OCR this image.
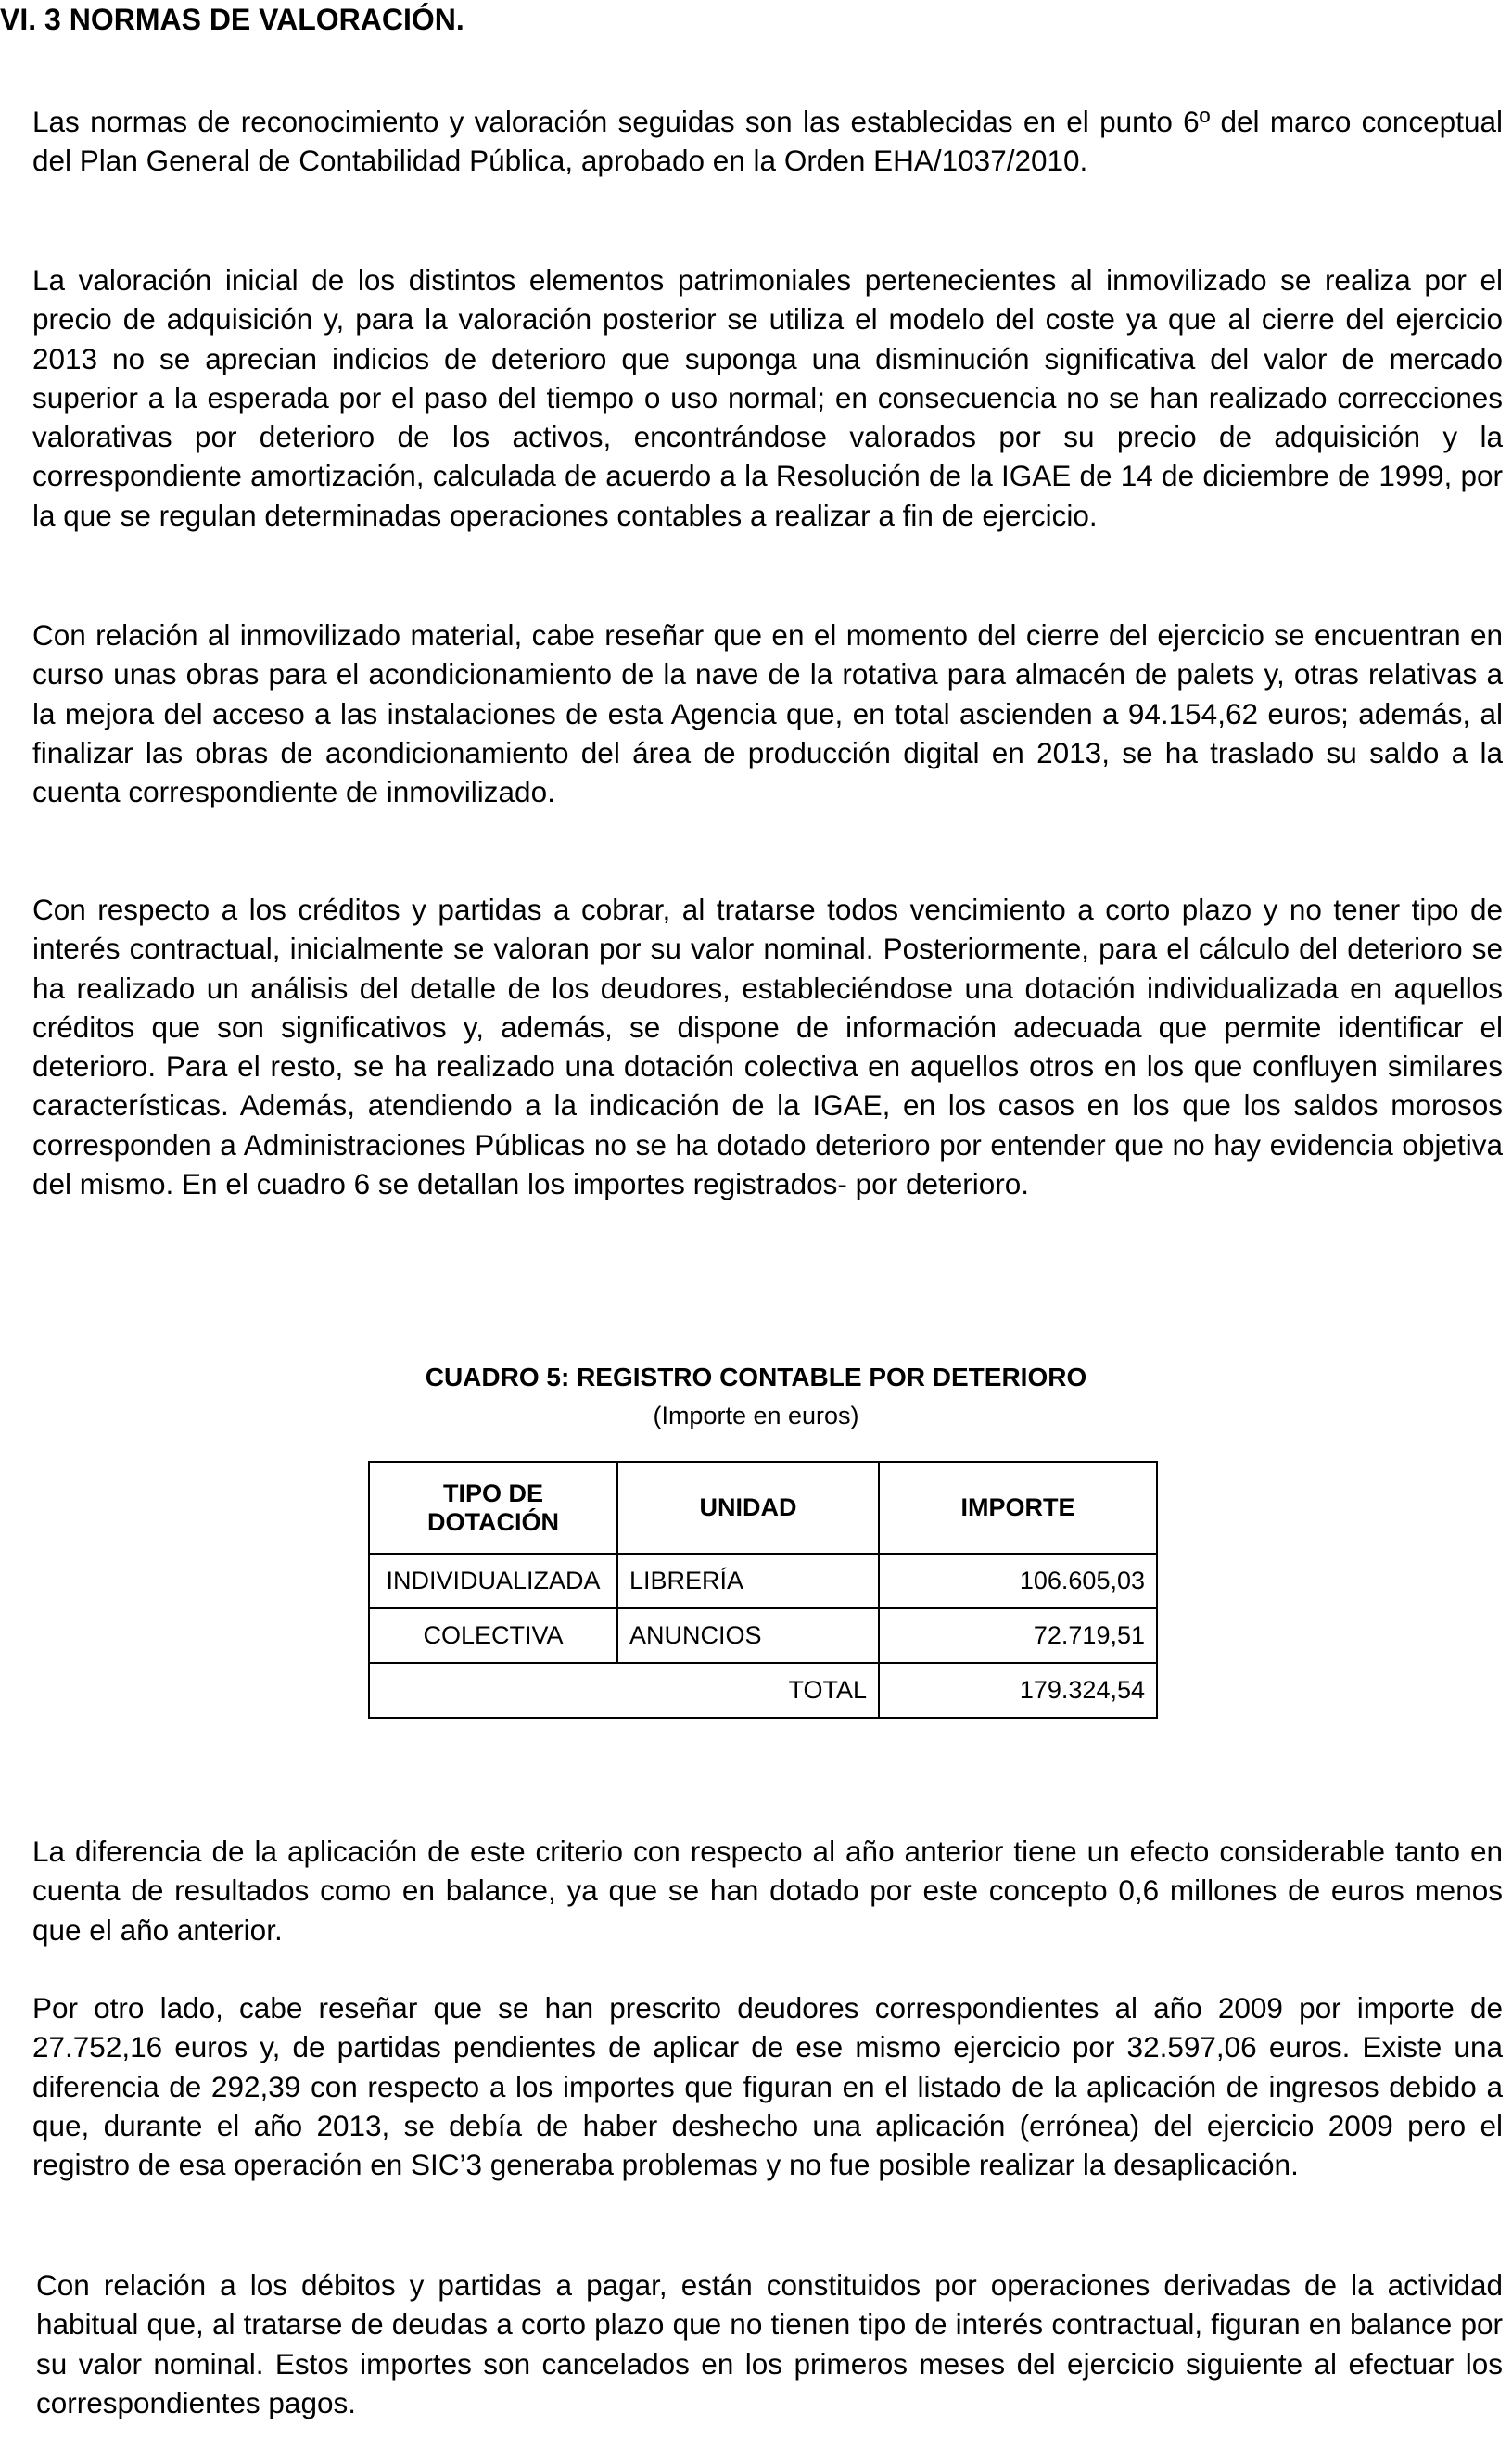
VI. 3 NORMAS DE VALORACIÓN.

Las normas de reconocimiento y valoración seguidas son las establecidas en el punto 6º del marco conceptual del Plan General de Contabilidad Pública, aprobado en la Orden EHA/1037/2010.

La valoración inicial de los distintos elementos patrimoniales pertenecientes al inmovilizado se realiza por el precio de adquisición y, para la valoración posterior se utiliza el modelo del coste ya que al cierre del ejercicio 2013 no se aprecian indicios de deterioro que suponga una disminución significativa del valor de mercado superior a la esperada por el paso del tiempo o uso normal; en consecuencia no se han realizado correcciones valorativas por deterioro de los activos, encontrándose valorados por su precio de adquisición y la correspondiente amortización, calculada de acuerdo a la Resolución de la IGAE de 14 de diciembre de 1999, por la que se regulan determinadas operaciones contables a realizar a fin de ejercicio.

Con relación al inmovilizado material, cabe reseñar que en el momento del cierre del ejercicio se encuentran en curso unas obras para el acondicionamiento de la nave de la rotativa para almacén de palets y, otras relativas a la mejora del acceso a las instalaciones de esta Agencia que, en total ascienden a 94.154,62 euros; además, al finalizar las obras de acondicionamiento del área de producción digital en 2013, se ha traslado su saldo a la cuenta correspondiente de inmovilizado.

Con respecto a los créditos y partidas a cobrar, al tratarse todos vencimiento a corto plazo y no tener tipo de interés contractual, inicialmente se valoran por su valor nominal. Posteriormente, para el cálculo del deterioro se ha realizado un análisis del detalle de los deudores, estableciéndose una dotación individualizada en aquellos créditos que son significativos y, además, se dispone de información adecuada que permite identificar el deterioro. Para el resto, se ha realizado una dotación colectiva en aquellos otros en los que confluyen similares características. Además, atendiendo a la indicación de la IGAE, en los casos en los que los saldos morosos corresponden a Administraciones Públicas no se ha dotado deterioro por entender que no hay evidencia objetiva del mismo. En el cuadro 6 se detallan los importes registrados- por deterioro.

CUADRO 5: REGISTRO CONTABLE POR DETERIORO

(Importe en euros)

TIPO DE DOTACIÓN	UNIDAD	IMPORTE
INDIVIDUALIZADA	LIBRERÍA	106.605,03
COLECTIVA	ANUNCIOS	72.719,51
	TOTAL	179.324,54

La diferencia de la aplicación de este criterio con respecto al año anterior tiene un efecto considerable tanto en cuenta de resultados como en balance, ya que se han dotado por este concepto 0,6 millones de euros menos que el año anterior.

Por otro lado, cabe reseñar que se han prescrito deudores correspondientes al año 2009 por importe de 27.752,16 euros y, de partidas pendientes de aplicar de ese mismo ejercicio por 32.597,06 euros. Existe una diferencia de 292,39 con respecto a los importes que figuran en el listado de la aplicación de ingresos debido a que, durante el año 2013, se debía de haber deshecho una aplicación (errónea) del ejercicio 2009 pero el registro de esa operación en SIC’3 generaba problemas y no fue posible realizar la desaplicación.

Con relación a los débitos y partidas a pagar, están constituidos por operaciones derivadas de la actividad habitual que, al tratarse de deudas a corto plazo que no tienen tipo de interés contractual, figuran en balance por su valor nominal. Estos importes son cancelados en los primeros meses del ejercicio siguiente al efectuar los correspondientes pagos.
